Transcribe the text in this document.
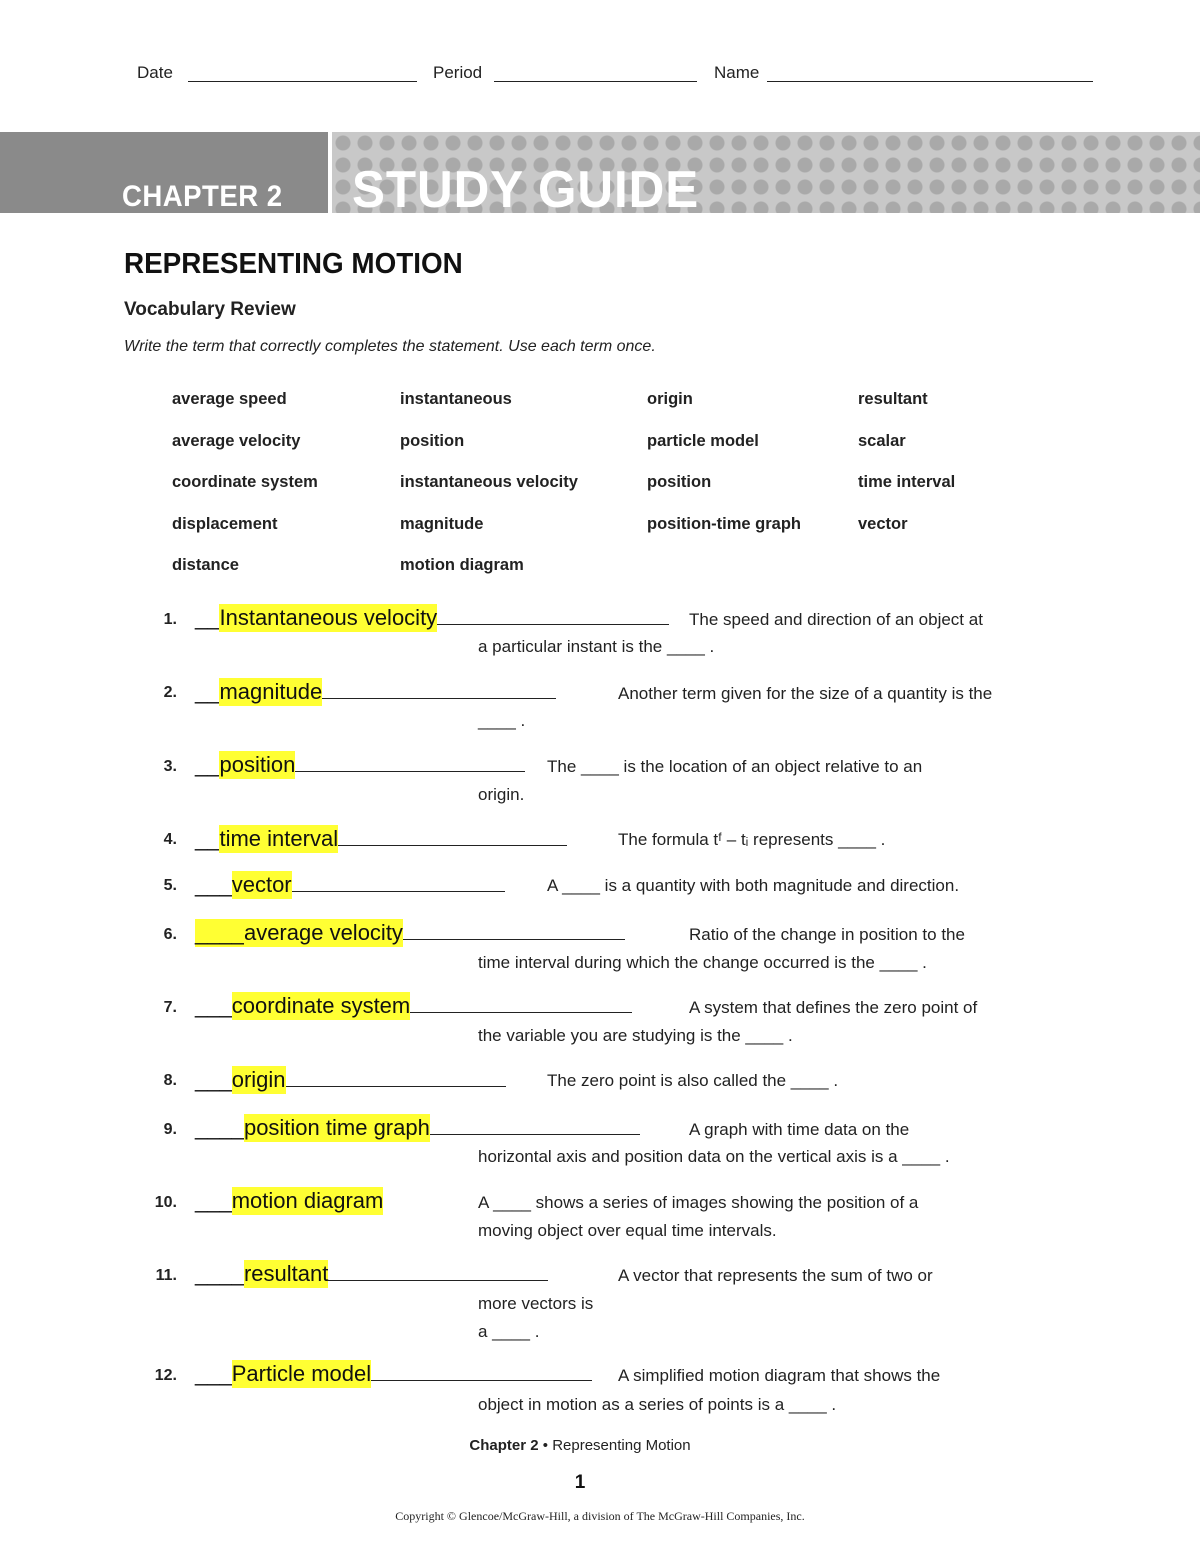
Date	Period	Name
CHAPTER 2 STUDY GUIDE
REPRESENTING MOTION
Vocabulary Review
Write the term that correctly completes the statement. Use each term once.
average speed	instantaneous	origin	resultant
average velocity	position	particle model	scalar
coordinate system	instantaneous velocity	position	time interval
displacement	magnitude	position-time graph	vector
distance	motion diagram
1. __Instantaneous velocity	The speed and direction of an object at
a particular instant is the ____ .
2. __magnitude	Another term given for the size of a quantity is the
____ .
3. __position	The ____ is the location of an object relative to an
origin.
4. __time interval	The formula tᶠ – tᵢ represents ____ .
5. ___vector	A ____ is a quantity with both magnitude and direction.
6. ____average velocity	Ratio of the change in position to the
time interval during which the change occurred is the ____ .
7. ___coordinate system	A system that defines the zero point of
the variable you are studying is the ____ .
8. ___origin	The zero point is also called the ____ .
9. ____position time graph	A graph with time data on the
horizontal axis and position data on the vertical axis is a ____ .
10. ___motion diagram	A ____ shows a series of images showing the position of a
moving object over equal time intervals.
11. ____resultant	A vector that represents the sum of two or
more vectors is
a ____ .
12. ___Particle model	A simplified motion diagram that shows the
object in motion as a series of points is a ____ .
Chapter 2 • Representing Motion
1
Copyright © Glencoe/McGraw-Hill, a division of The McGraw-Hill Companies, Inc.
